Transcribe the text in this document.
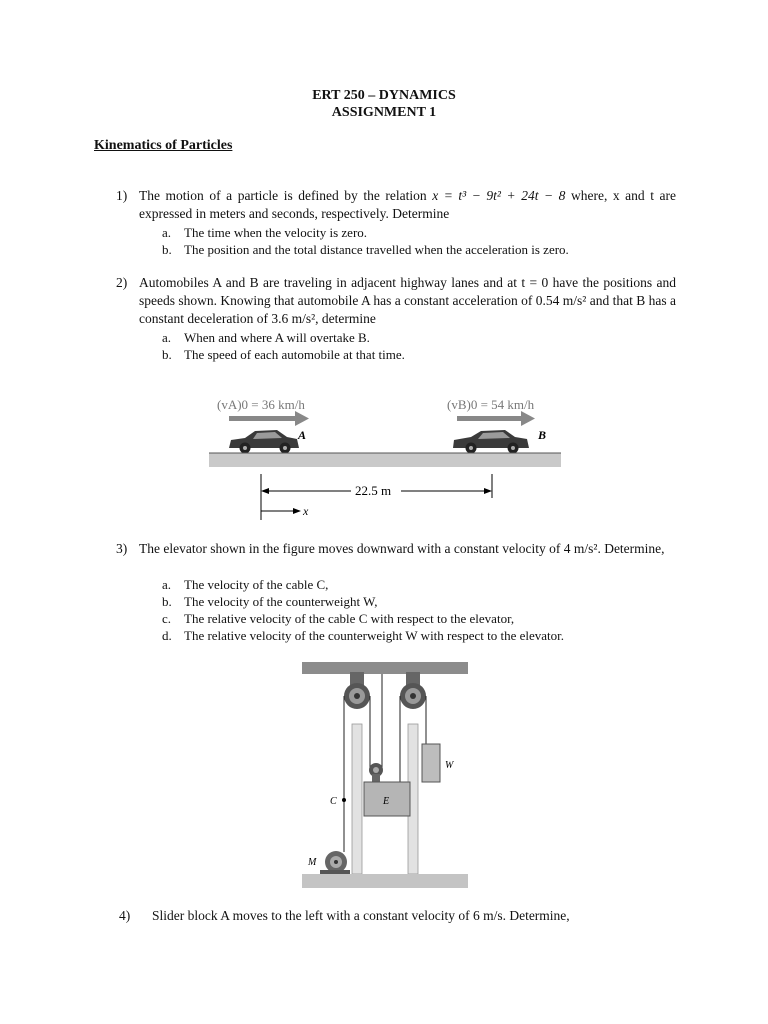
ERT 250 – DYNAMICS
ASSIGNMENT 1
Kinematics of Particles
1) The motion of a particle is defined by the relation x = t³ − 9t² + 24t − 8 where, x and t are expressed in meters and seconds, respectively. Determine
a. The time when the velocity is zero.
b. The position and the total distance travelled when the acceleration is zero.
2) Automobiles A and B are traveling in adjacent highway lanes and at t = 0 have the positions and speeds shown. Knowing that automobile A has a constant acceleration of 0.54 m/s² and that B has a constant deceleration of 3.6 m/s², determine
a. When and where A will overtake B.
b. The speed of each automobile at that time.
(vA)0 = 36 km/h	(vB)0 = 54 km/h
A	B
22.5 m
x
3) The elevator shown in the figure moves downward with a constant velocity of 4 m/s². Determine,
a. The velocity of the cable C,
b. The velocity of the counterweight W,
c. The relative velocity of the cable C with respect to the elevator,
d. The relative velocity of the counterweight W with respect to the elevator.
E
W
C
M
4) Slider block A moves to the left with a constant velocity of 6 m/s. Determine,
